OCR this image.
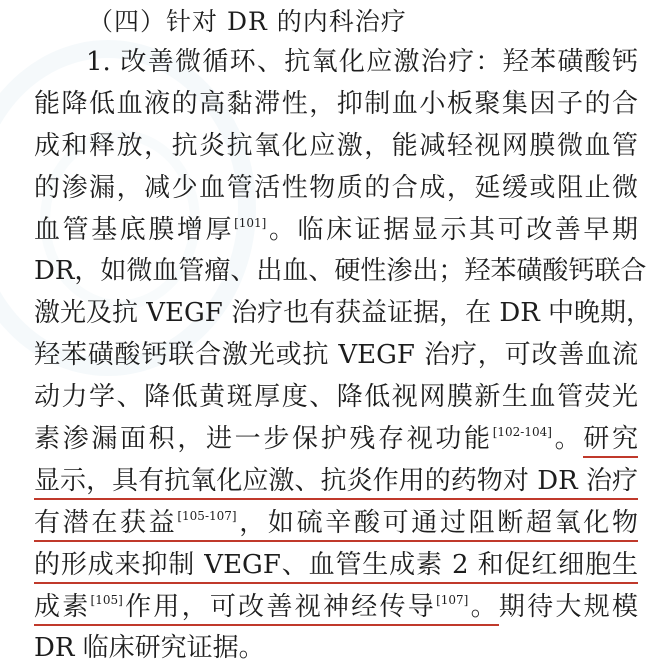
（四）针对 DR 的内科治疗
1. 改善微循环、抗氧化应激治疗：羟苯磺酸钙
能降低血液的高黏滞性，抑制血小板聚集因子的合
成和释放，抗炎抗氧化应激，能减轻视网膜微血管
的渗漏，减少血管活性物质的合成，延缓或阻止微
血管基底膜增厚[101]。临床证据显示其可改善早期
DR，如微血管瘤、出血、硬性渗出；羟苯磺酸钙联合
激光及抗 VEGF 治疗也有获益证据，在 DR 中晚期，
羟苯磺酸钙联合激光或抗 VEGF 治疗，可改善血流
动力学、降低黄斑厚度、降低视网膜新生血管荧光
素渗漏面积，进一步保护残存视功能[102-104]。研究
显示，具有抗氧化应激、抗炎作用的药物对 DR 治疗
有潜在获益[105-107]，如硫辛酸可通过阻断超氧化物
的形成来抑制 VEGF、血管生成素 2 和促红细胞生
成素[105]作用，可改善视神经传导[107]。期待大规模
DR 临床研究证据。
